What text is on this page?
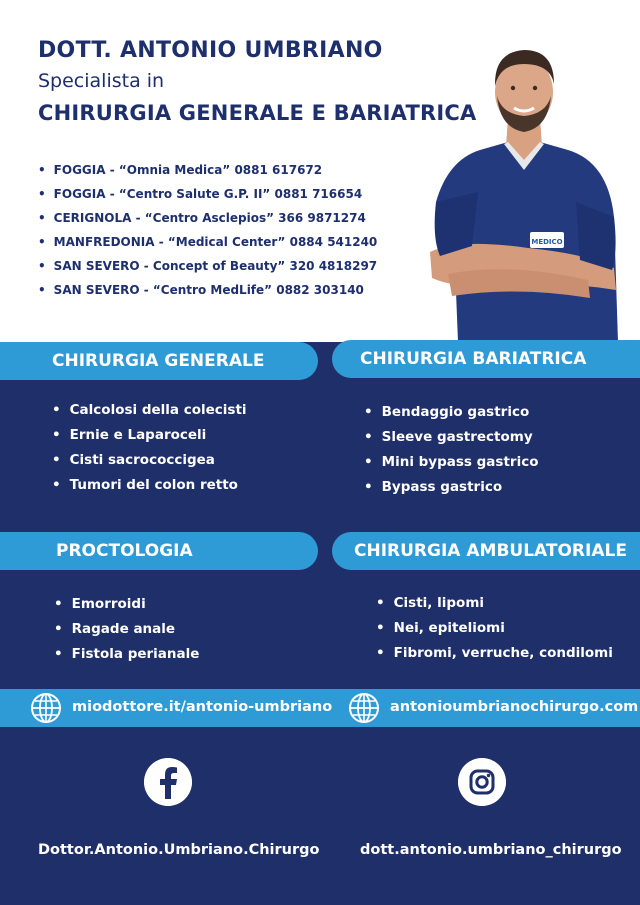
DOTT. ANTONIO UMBRIANO
Specialista in
CHIRURGIA GENERALE E BARIATRICA
• FOGGIA - “Omnia Medica” 0881 617672
• FOGGIA - “Centro Salute G.P. II” 0881 716654
• CERIGNOLA - “Centro Asclepios” 366 9871274
• MANFREDONIA - “Medical Center” 0884 541240
• SAN SEVERO - Concept of Beauty” 320 4818297
• SAN SEVERO - “Centro MedLife” 0882 303140
MEDICO
CHIRURGIA GENERALE	CHIRURGIA BARIATRICA
• Calcolosi della colecisti
• Ernie e Laparoceli
• Cisti sacrococcigea
• Tumori del colon retto
• Bendaggio gastrico
• Sleeve gastrectomy
• Mini bypass gastrico
• Bypass gastrico
PROCTOLOGIA	CHIRURGIA AMBULATORIALE
• Emorroidi
• Ragade anale
• Fistola perianale
• Cisti, lipomi
• Nei, epiteliomi
• Fibromi, verruche, condilomi
miodottore.it/antonio-umbriano	antonioumbrianochirurgo.com
Dottor.Antonio.Umbriano.Chirurgo	dott.antonio.umbriano_chirurgo
